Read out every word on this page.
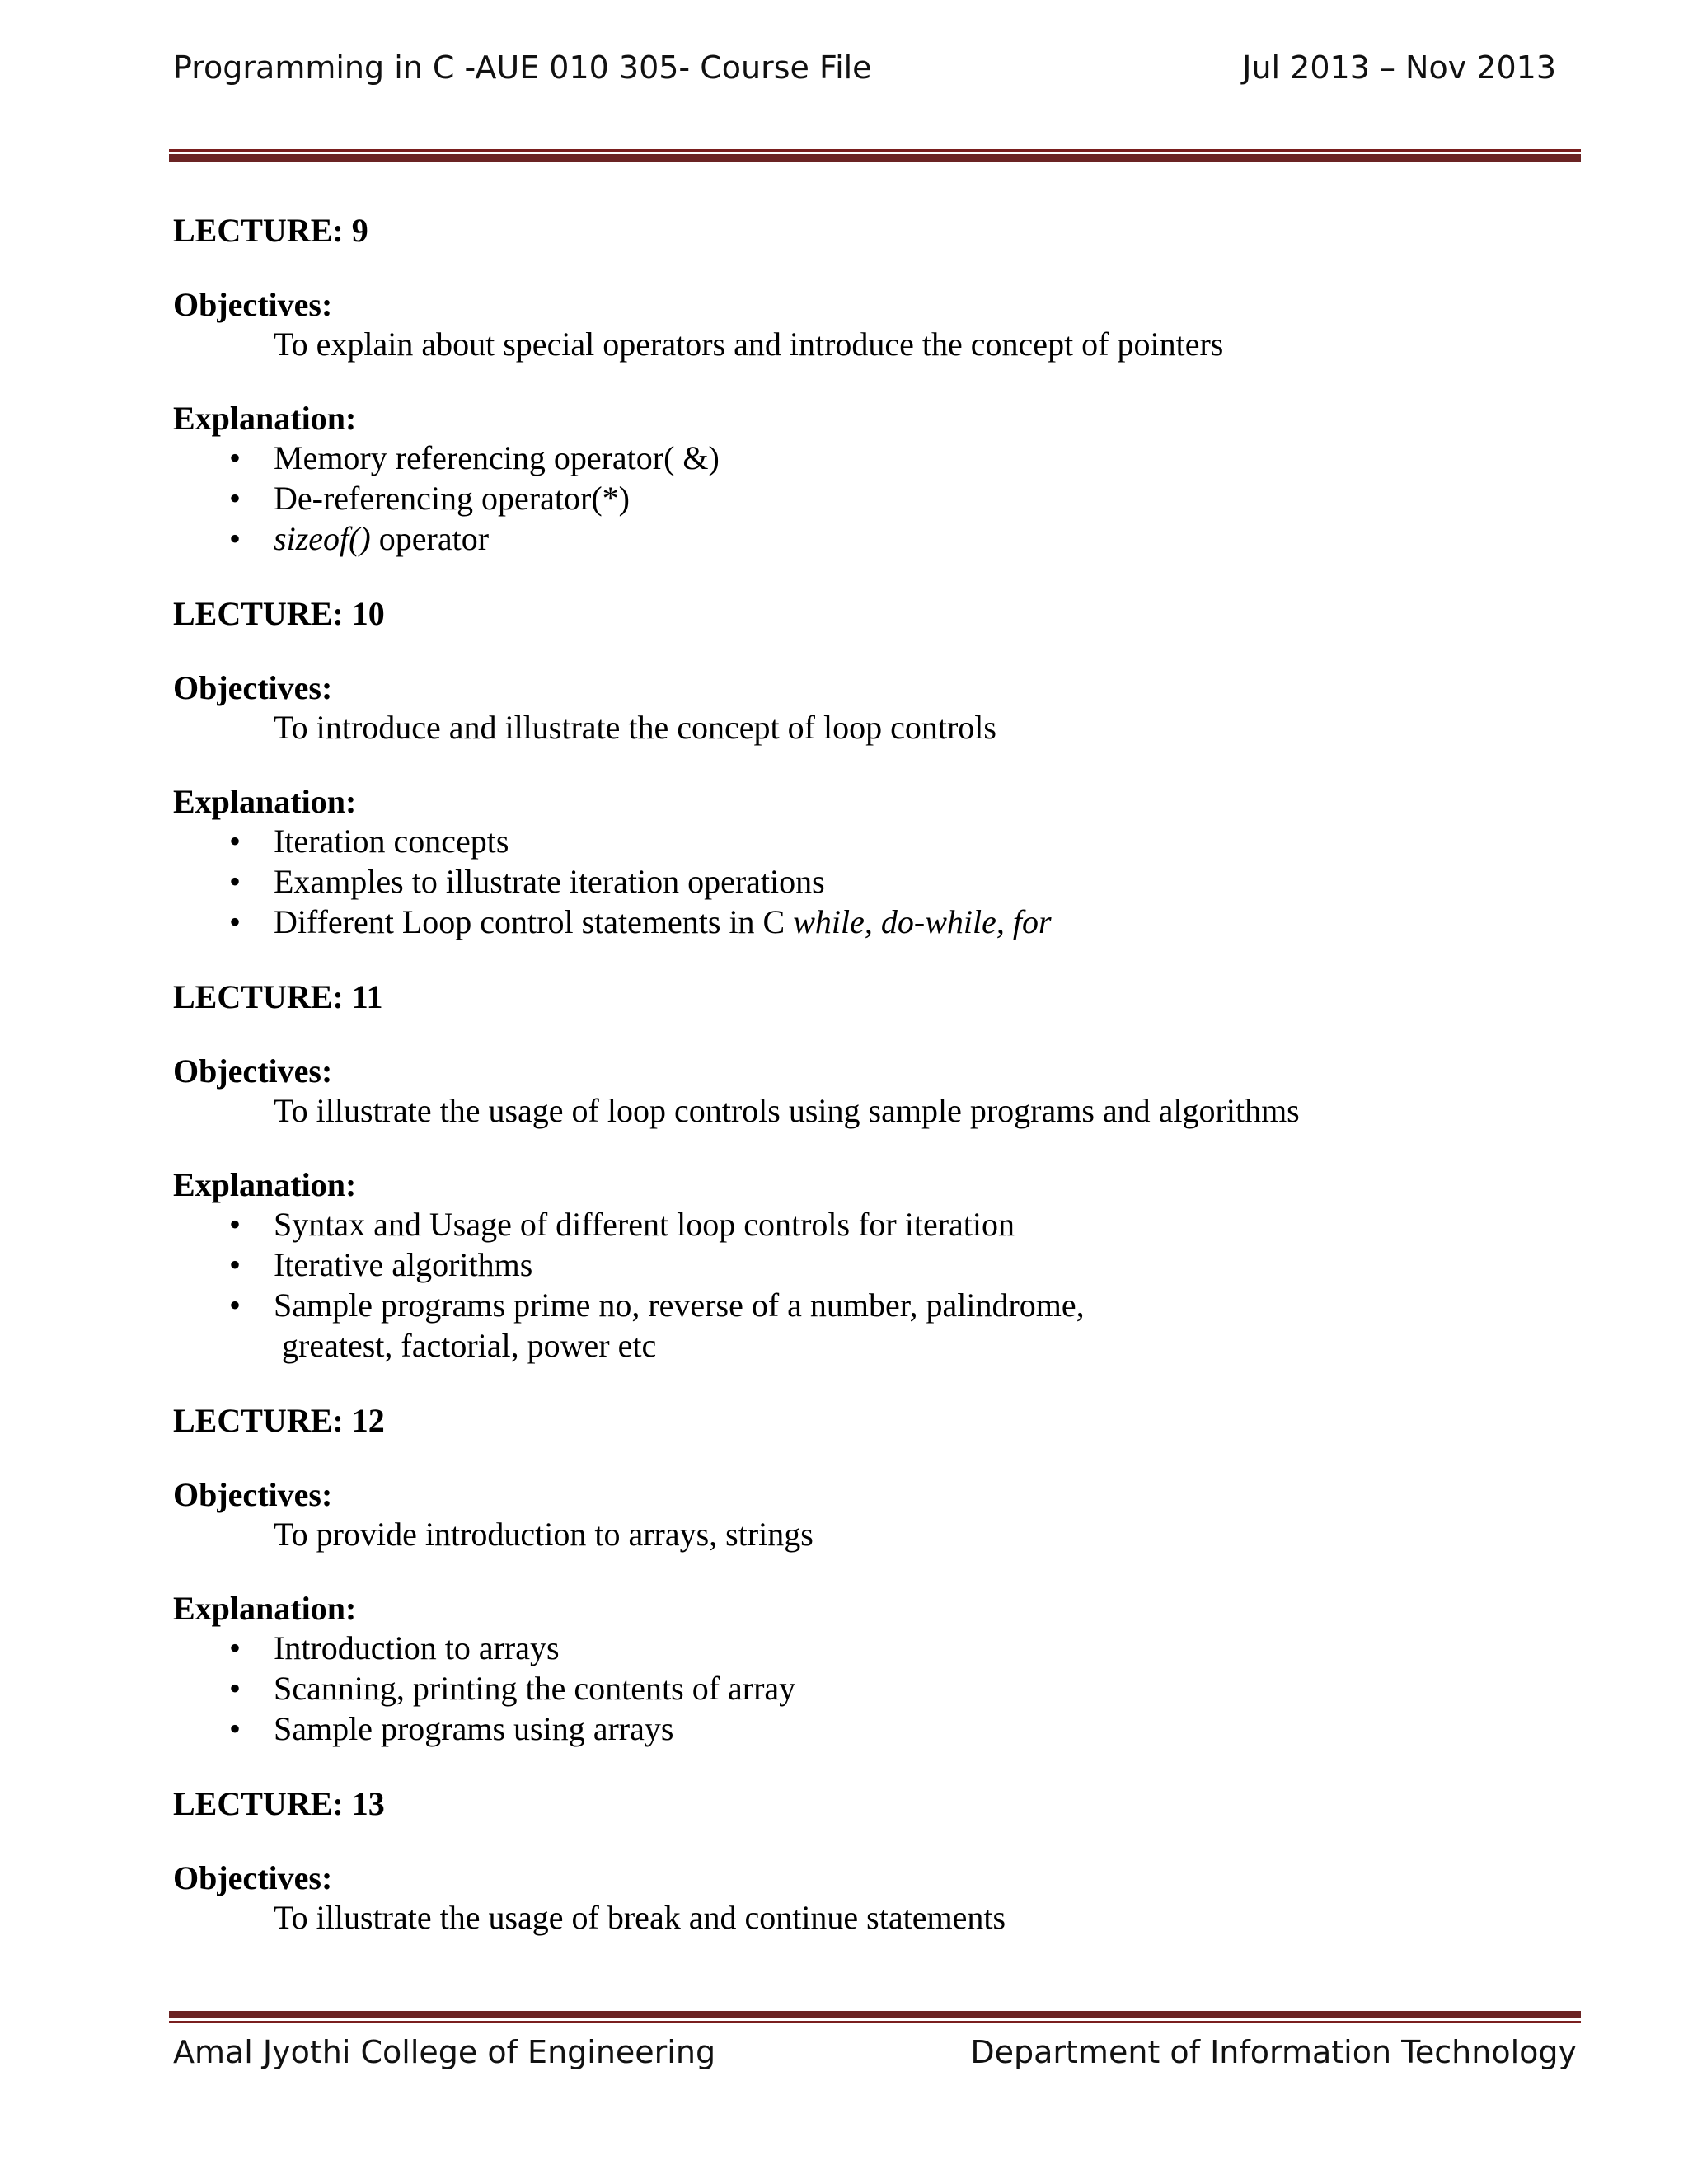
Programming in C -AUE 010 305- Course File	Jul 2013 – Nov 2013

LECTURE: 9

Objectives:

To explain about special operators and introduce the concept of pointers

Explanation:

• Memory referencing operator( &)
• De-referencing operator(*)
• sizeof() operator

LECTURE: 10

Objectives:

To introduce and illustrate the concept of loop controls

Explanation:

• Iteration concepts
• Examples to illustrate iteration operations
• Different Loop control statements in C while, do-while, for

LECTURE: 11

Objectives:

To illustrate the usage of loop controls using sample programs and algorithms

Explanation:

• Syntax and Usage of different loop controls for iteration
• Iterative algorithms
• Sample programs prime no, reverse of a number, palindrome,
greatest, factorial, power etc

LECTURE: 12

Objectives:

To provide introduction to arrays, strings

Explanation:

• Introduction to arrays
• Scanning, printing the contents of array
• Sample programs using arrays

LECTURE: 13

Objectives:

To illustrate the usage of break and continue statements

Amal Jyothi College of Engineering	Department of Information Technology
